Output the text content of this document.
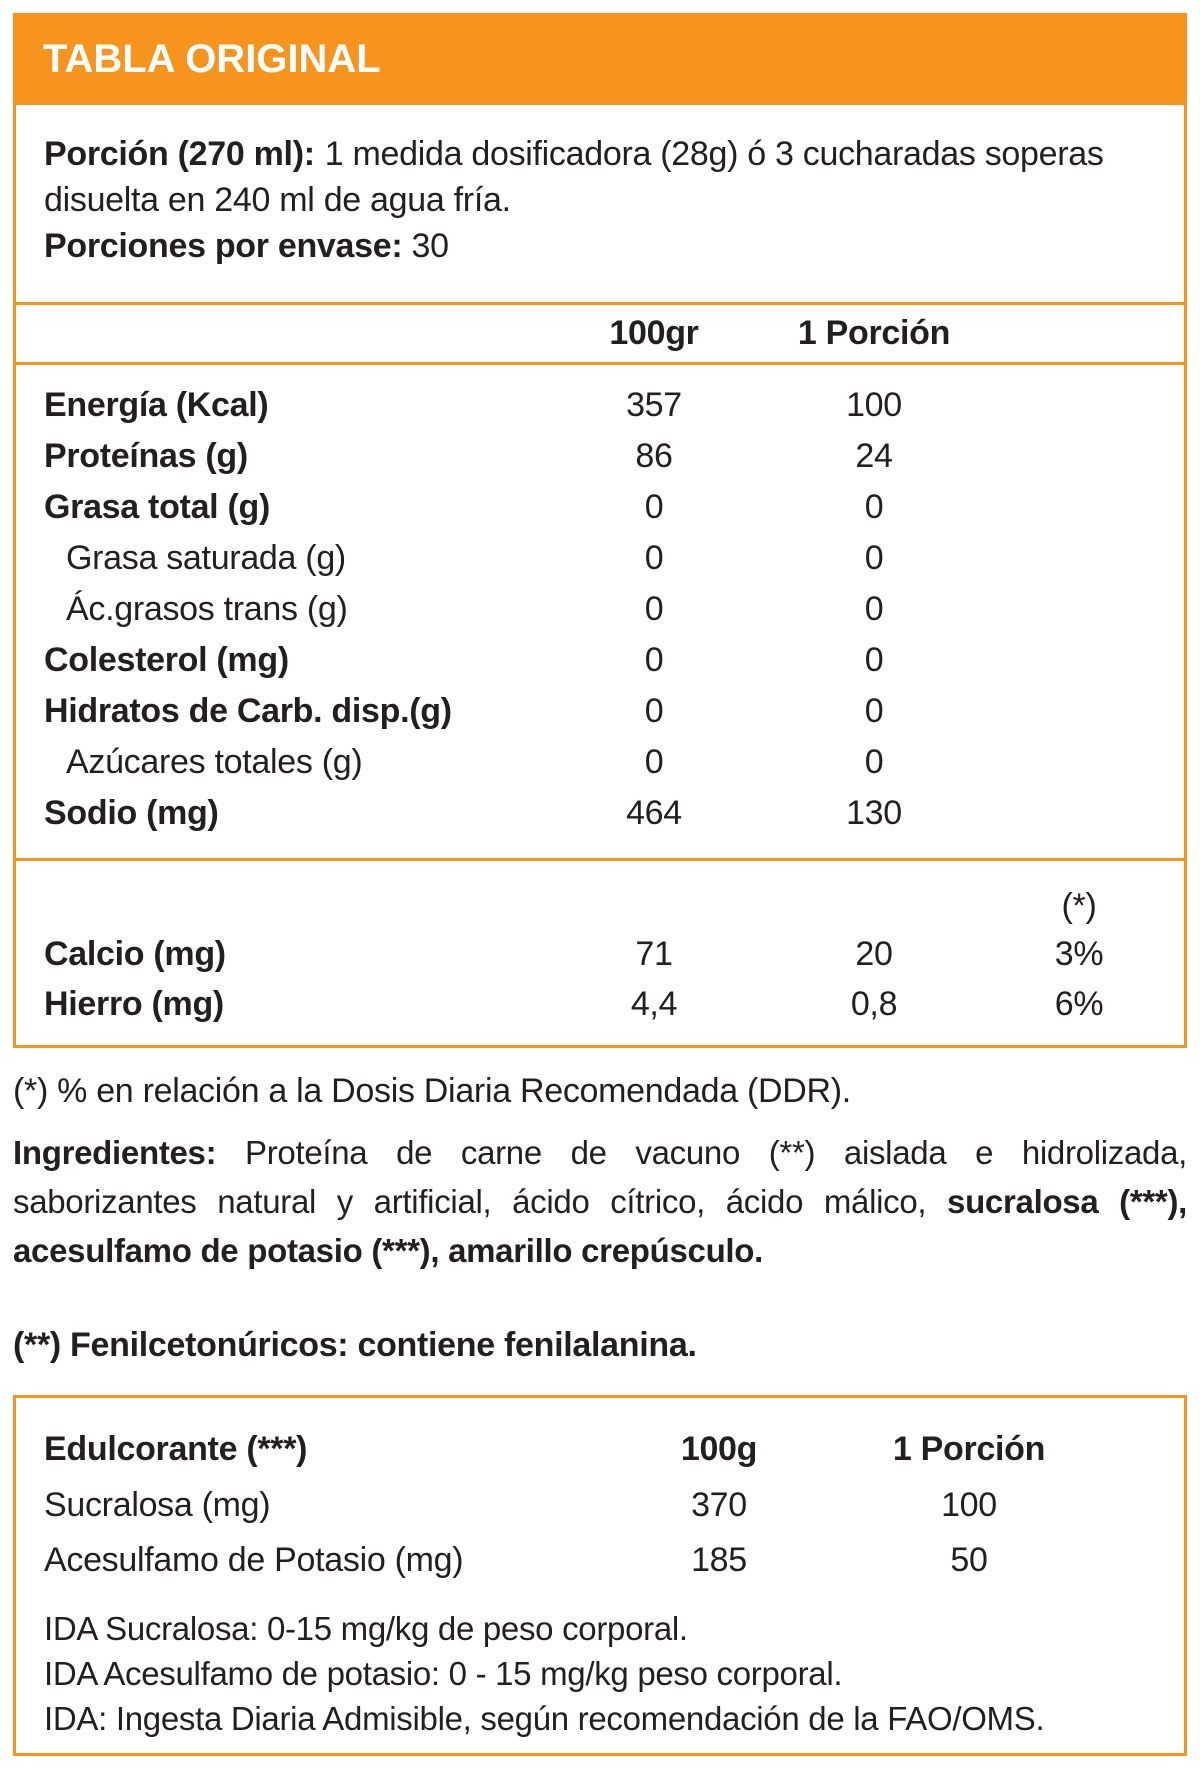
TABLA ORIGINAL

Porción (270 ml): 1 medida dosificadora (28g) ó 3 cucharadas soperas disuelta en 240 ml de agua fría.

Porciones por envase: 30

100gr	1 Porción
Energía (Kcal)	357	100
Proteínas (g)	86	24
Grasa total (g)	0	0
Grasa saturada (g)	0	0
Ác.grasos trans (g)	0	0
Colesterol (mg)	0	0
Hidratos de Carb. disp.(g)	0	0
Azúcares totales (g)	0	0
Sodio (mg)	464	130
(*)
Calcio (mg)	71	20	3%
Hierro (mg)	4,4	0,8	6%

(*) % en relación a la Dosis Diaria Recomendada (DDR).

Ingredientes: Proteína de carne de vacuno (**) aislada e hidrolizada, saborizantes natural y artificial, ácido cítrico, ácido málico, sucralosa (***), acesulfamo de potasio (***), amarillo crepúsculo.

(**) Fenilcetonúricos: contiene fenilalanina.

Edulcorante (***)	100g	1 Porción
Sucralosa (mg)	370	100
Acesulfamo de Potasio (mg)	185	50

IDA Sucralosa: 0-15 mg/kg de peso corporal.

IDA Acesulfamo de potasio: 0 - 15 mg/kg peso corporal.

IDA: Ingesta Diaria Admisible, según recomendación de la FAO/OMS.
